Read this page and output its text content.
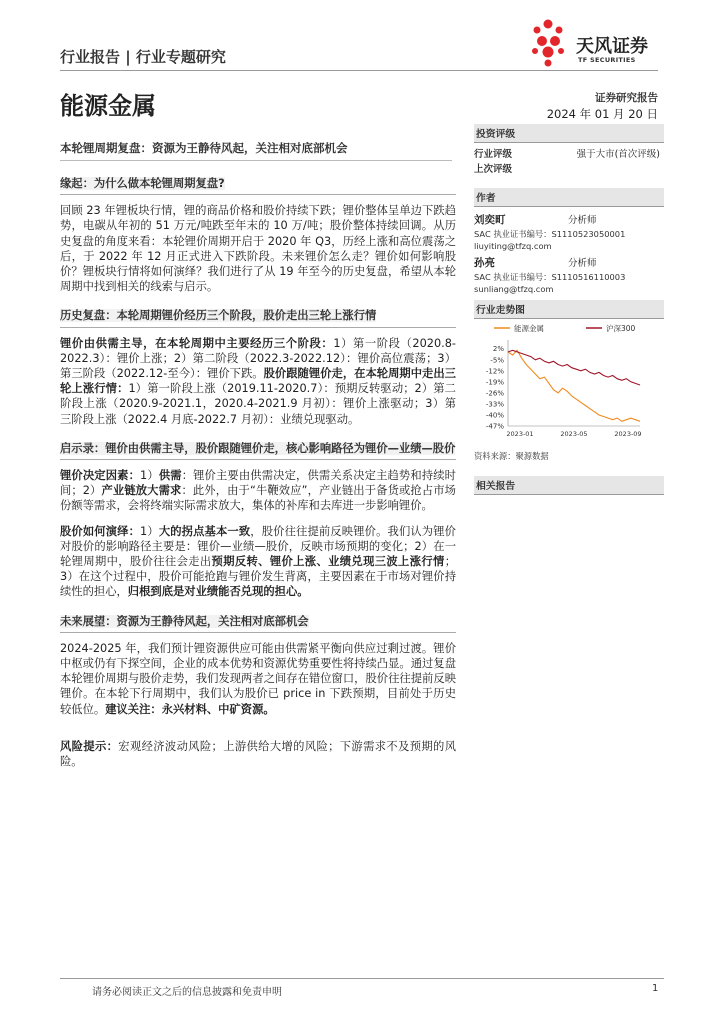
行业报告 | 行业专题研究
能源金属
天风证券
TF SECURITIES
证券研究报告
2024 年 01 月 20 日
本轮锂周期复盘：资源为王静待风起，关注相对底部机会
缘起：为什么做本轮锂周期复盘?

回顾 23 年锂板块行情，锂的商品价格和股价持续下跌；锂价整体呈单边下跌趋势，电碳从年初的 51 万元/吨跌至年末的 10 万/吨；股价整体持续回调。从历史复盘的角度来看：本轮锂价周期开启于 2020 年 Q3，历经上涨和高位震荡之后，于 2022 年 12 月正式进入下跌阶段。未来锂价怎么走？锂价如何影响股价？锂板块行情将如何演绎？我们进行了从 19 年至今的历史复盘，希望从本轮周期中找到相关的线索与启示。

历史复盘：本轮周期锂价经历三个阶段，股价走出三轮上涨行情

锂价由供需主导，在本轮周期中主要经历三个阶段：1）第一阶段（2020.8-2022.3）：锂价上涨；2）第二阶段（2022.3-2022.12）：锂价高位震荡；3）第三阶段（2022.12-至今）：锂价下跌。股价跟随锂价走，在本轮周期中走出三轮上涨行情：1）第一阶段上涨（2019.11-2020.7）：预期反转驱动；2）第二阶段上涨（2020.9-2021.1，2020.4-2021.9 月初）：锂价上涨驱动；3）第三阶段上涨（2022.4 月底-2022.7 月初）：业绩兑现驱动。

启示录：锂价由供需主导，股价跟随锂价走，核心影响路径为锂价—业绩—股价

锂价决定因素：1）供需：锂价主要由供需决定，供需关系决定主趋势和持续时间；2）产业链放大需求：此外，由于“牛鞭效应”，产业链出于备货或抢占市场份额等需求，会将终端实际需求放大，集体的补库和去库进一步影响锂价。

股价如何演绎：1）大的拐点基本一致，股价往往提前反映锂价。我们认为锂价对股价的影响路径主要是：锂价—业绩—股价，反映市场预期的变化；2）在一轮锂周期中，股价往往会走出预期反转、锂价上涨、业绩兑现三波上涨行情；3）在这个过程中，股价可能抢跑与锂价发生背离，主要因素在于市场对锂价持续性的担心，归根到底是对业绩能否兑现的担心。

未来展望：资源为王静待风起，关注相对底部机会

2024-2025 年，我们预计锂资源供应可能由供需紧平衡向供应过剩过渡。锂价中枢或仍有下探空间，企业的成本优势和资源优势重要性将持续凸显。通过复盘本轮锂价周期与股价走势，我们发现两者之间存在错位窗口，股价往往提前反映锂价。在本轮下行周期中，我们认为股价已 price in 下跌预期，目前处于历史较低位。建议关注：永兴材料、中矿资源。

风险提示：宏观经济波动风险；上游供给大增的风险；下游需求不及预期的风险。

投资评级
行业评级	强于大市(首次评级)
上次评级
作者
刘奕町	分析师
SAC 执业证书编号：S1110523050001
liuyiting@tfzq.com
孙亮	分析师
SAC 执业证书编号：S1110516110003
sunliang@tfzq.com
行业走势图
能源金属	沪深300
2%
-5%
-12%
-19%
-26%
-33%
-40%
-47%
2023-01	2023-05	2023-09
资料来源：聚源数据
相关报告
请务必阅读正文之后的信息披露和免责申明	1
